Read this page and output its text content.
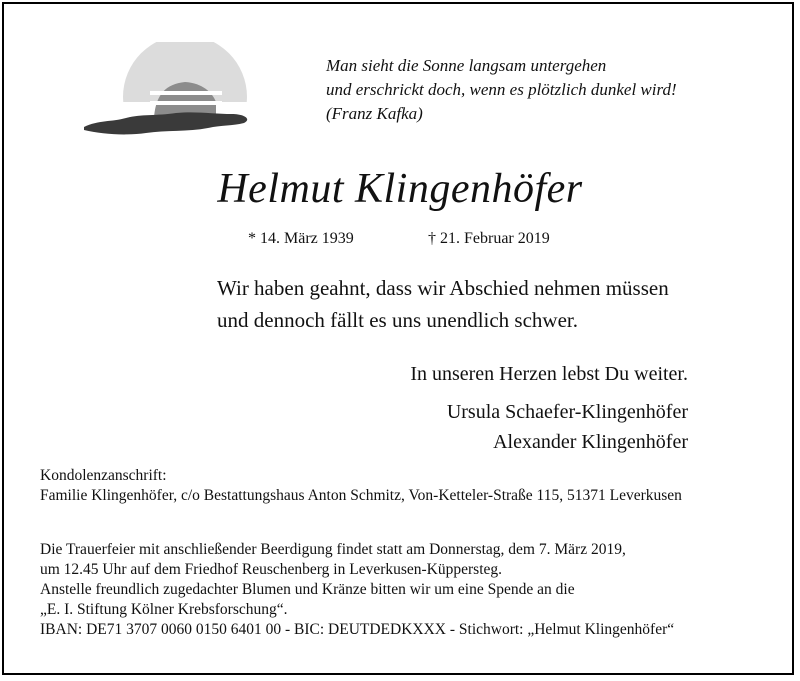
Man sieht die Sonne langsam untergehen
und erschrickt doch, wenn es plötzlich dunkel wird!
(Franz Kafka)
Helmut Klingenhöfer
* 14. März 1939	† 21. Februar 2019
Wir haben geahnt, dass wir Abschied nehmen müssen
und dennoch fällt es uns unendlich schwer.
In unseren Herzen lebst Du weiter.
Ursula Schaefer-Klingenhöfer
Alexander Klingenhöfer
Kondolenzanschrift:
Familie Klingenhöfer, c/o Bestattungshaus Anton Schmitz, Von-Ketteler-Straße 115, 51371 Leverkusen
Die Trauerfeier mit anschließender Beerdigung findet statt am Donnerstag, dem 7. März 2019,
um 12.45 Uhr auf dem Friedhof Reuschenberg in Leverkusen-Küppersteg.
Anstelle freundlich zugedachter Blumen und Kränze bitten wir um eine Spende an die
„E. I. Stiftung Kölner Krebsforschung“.
IBAN: DE71 3707 0060 0150 6401 00 - BIC: DEUTDEDKXXX - Stichwort: „Helmut Klingenhöfer“
